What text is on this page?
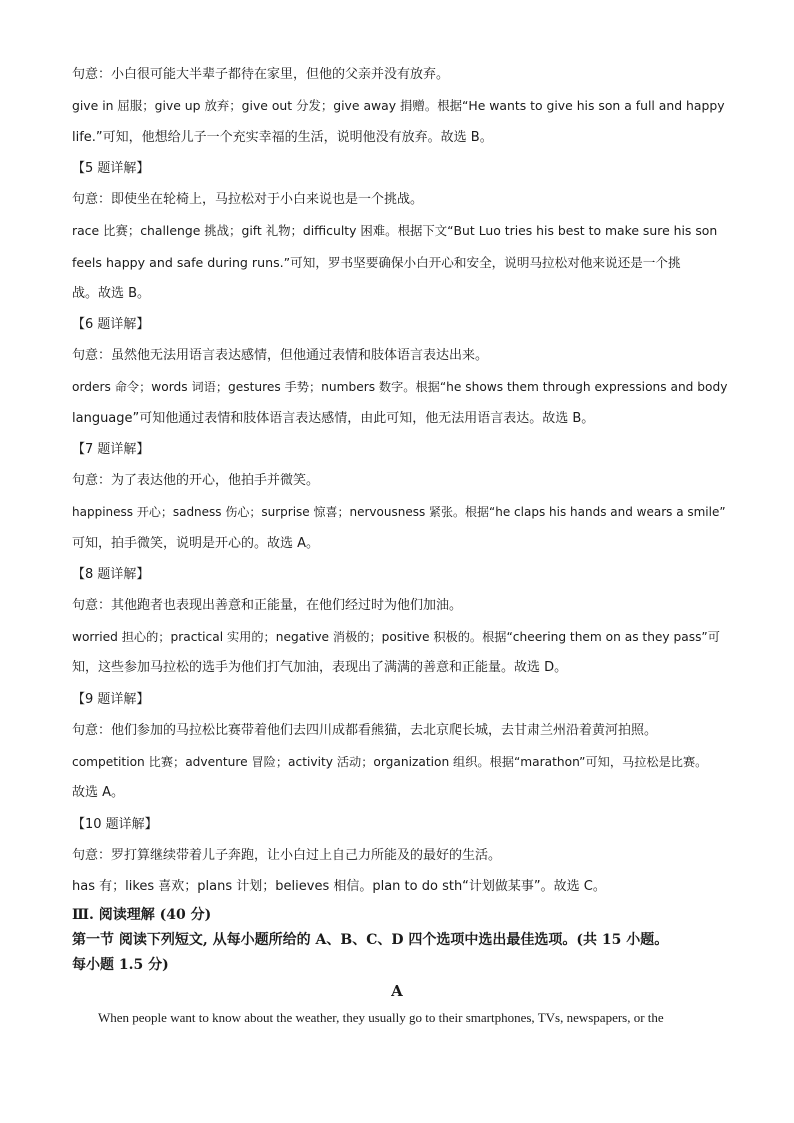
句意：小白很可能大半辈子都待在家里，但他的父亲并没有放弃。
give in 屈服；give up 放弃；give out 分发；give away 捐赠。根据“He wants to give his son a full and happy
life.”可知，他想给儿子一个充实幸福的生活，说明他没有放弃。故选 B。
【5 题详解】
句意：即使坐在轮椅上，马拉松对于小白来说也是一个挑战。
race 比赛；challenge 挑战；gift 礼物；difficulty 困难。根据下文“But Luo tries his best to make sure his son
feels happy and safe during runs.”可知，罗书坚要确保小白开心和安全，说明马拉松对他来说还是一个挑
战。故选 B。
【6 题详解】
句意：虽然他无法用语言表达感情，但他通过表情和肢体语言表达出来。
orders 命令；words 词语；gestures 手势；numbers 数字。根据“he shows them through expressions and body
language”可知他通过表情和肢体语言表达感情，由此可知，他无法用语言表达。故选 B。
【7 题详解】
句意：为了表达他的开心，他拍手并微笑。
happiness 开心；sadness 伤心；surprise 惊喜；nervousness 紧张。根据“he claps his hands and wears a smile”
可知，拍手微笑，说明是开心的。故选 A。
【8 题详解】
句意：其他跑者也表现出善意和正能量，在他们经过时为他们加油。
worried 担心的；practical 实用的；negative 消极的；positive 积极的。根据“cheering them on as they pass”可
知，这些参加马拉松的选手为他们打气加油，表现出了满满的善意和正能量。故选 D。
【9 题详解】
句意：他们参加的马拉松比赛带着他们去四川成都看熊猫，去北京爬长城，去甘肃兰州沿着黄河拍照。
competition 比赛；adventure 冒险；activity 活动；organization 组织。根据“marathon”可知，马拉松是比赛。
故选 A。
【10 题详解】
句意：罗打算继续带着儿子奔跑，让小白过上自己力所能及的最好的生活。
has 有；likes 喜欢；plans 计划；believes 相信。plan to do sth“计划做某事”。故选 C。
Ⅲ. 阅读理解 (40 分)
第一节 阅读下列短文, 从每小题所给的 A、B、C、D 四个选项中选出最佳选项。(共 15 小题。
每小题 1.5 分)
A
When people want to know about the weather, they usually go to their smartphones, TVs, newspapers, or the
